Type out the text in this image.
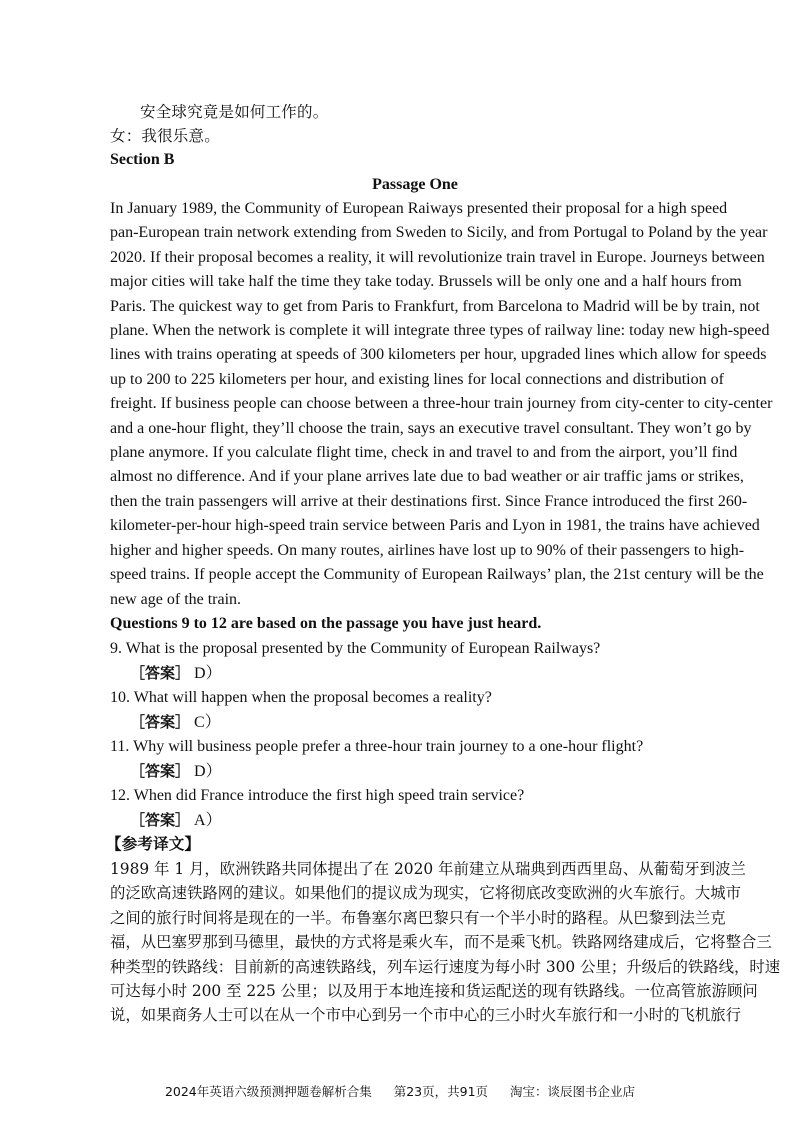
安全球究竟是如何工作的。
女：我很乐意。
Section B
Passage One
In January 1989, the Community of European Raiways presented their proposal for a high speed
pan-European train network extending from Sweden to Sicily, and from Portugal to Poland by the year
2020. If their proposal becomes a reality, it will revolutionize train travel in Europe. Journeys between
major cities will take half the time they take today. Brussels will be only one and a half hours from
Paris. The quickest way to get from Paris to Frankfurt, from Barcelona to Madrid will be by train, not
plane. When the network is complete it will integrate three types of railway line: today new high-speed
lines with trains operating at speeds of 300 kilometers per hour, upgraded lines which allow for speeds
up to 200 to 225 kilometers per hour, and existing lines for local connections and distribution of
freight. If business people can choose between a three-hour train journey from city-center to city-center
and a one-hour flight, they’ll choose the train, says an executive travel consultant. They won’t go by
plane anymore. If you calculate flight time, check in and travel to and from the airport, you’ll find
almost no difference. And if your plane arrives late due to bad weather or air traffic jams or strikes,
then the train passengers will arrive at their destinations first. Since France introduced the first 260-
kilometer-per-hour high-speed train service between Paris and Lyon in 1981, the trains have achieved
higher and higher speeds. On many routes, airlines have lost up to 90% of their passengers to high-
speed trains. If people accept the Community of European Railways’ plan, the 21st century will be the
new age of the train.
Questions 9 to 12 are based on the passage you have just heard.
9. What is the proposal presented by the Community of European Railways?
［答案］ D）
10. What will happen when the proposal becomes a reality?
［答案］ C）
11. Why will business people prefer a three-hour train journey to a one-hour flight?
［答案］ D）
12. When did France introduce the first high speed train service?
［答案］ A）
【参考译文】
1989 年 1 月，欧洲铁路共同体提出了在 2020 年前建立从瑞典到西西里岛、从葡萄牙到波兰
的泛欧高速铁路网的建议。如果他们的提议成为现实，它将彻底改变欧洲的火车旅行。大城市
之间的旅行时间将是现在的一半。布鲁塞尔离巴黎只有一个半小时的路程。从巴黎到法兰克
福，从巴塞罗那到马德里，最快的方式将是乘火车，而不是乘飞机。铁路网络建成后，它将整合三
种类型的铁路线：目前新的高速铁路线，列车运行速度为每小时 300 公里；升级后的铁路线，时速
可达每小时 200 至 225 公里；以及用于本地连接和货运配送的现有铁路线。一位高管旅游顾问
说，如果商务人士可以在从一个市中心到另一个市中心的三小时火车旅行和一小时的飞机旅行
2024年英语六级预测押题卷解析合集 第23页，共91页 淘宝：谈辰图书企业店
